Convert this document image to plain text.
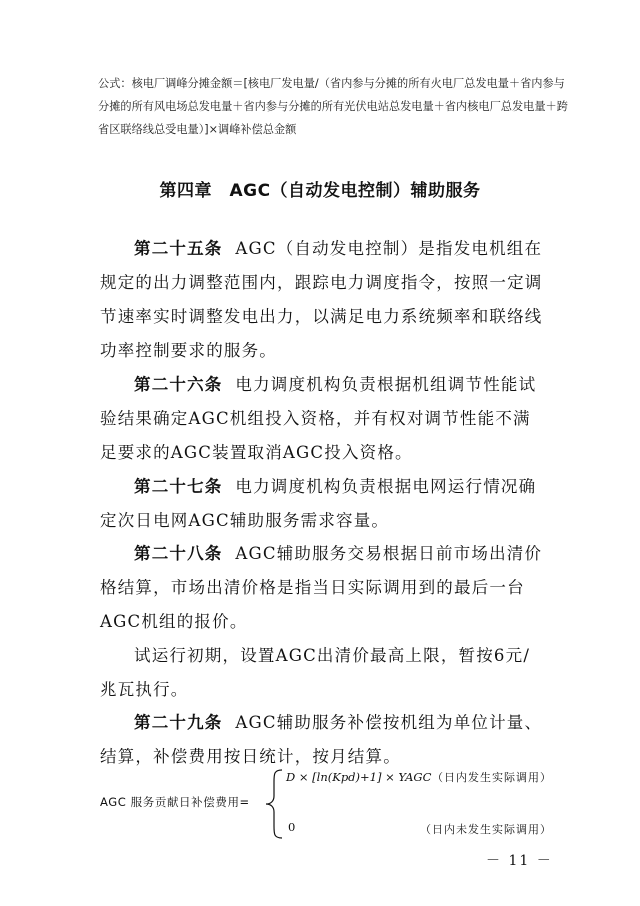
公式：核电厂调峰分摊金额＝[核电厂发电量/（省内参与分摊的所有火电厂总发电量＋省内参与分摊的所有风电场总发电量＋省内参与分摊的所有光伏电站总发电量＋省内核电厂总发电量＋跨省区联络线总受电量）]×调峰补偿总金额
第四章　AGC（自动发电控制）辅助服务

第二十五条 AGC（自动发电控制）是指发电机组在规定的出力调整范围内，跟踪电力调度指令，按照一定调节速率实时调整发电出力，以满足电力系统频率和联络线功率控制要求的服务。

第二十六条 电力调度机构负责根据机组调节性能试验结果确定AGC机组投入资格，并有权对调节性能不满足要求的AGC装置取消AGC投入资格。

第二十七条 电力调度机构负责根据电网运行情况确定次日电网AGC辅助服务需求容量。

第二十八条 AGC辅助服务交易根据日前市场出清价格结算，市场出清价格是指当日实际调用到的最后一台AGC机组的报价。

试运行初期，设置AGC出清价最高上限，暂按6元/兆瓦执行。

第二十九条 AGC辅助服务补偿按机组为单位计量、结算，补偿费用按日统计，按月结算。

AGC 服务贡献日补偿费用=
D × [ln(Kpd)+1] × YAGC （日内发生实际调用）
0	（日内未发生实际调用）
－ 11 －
